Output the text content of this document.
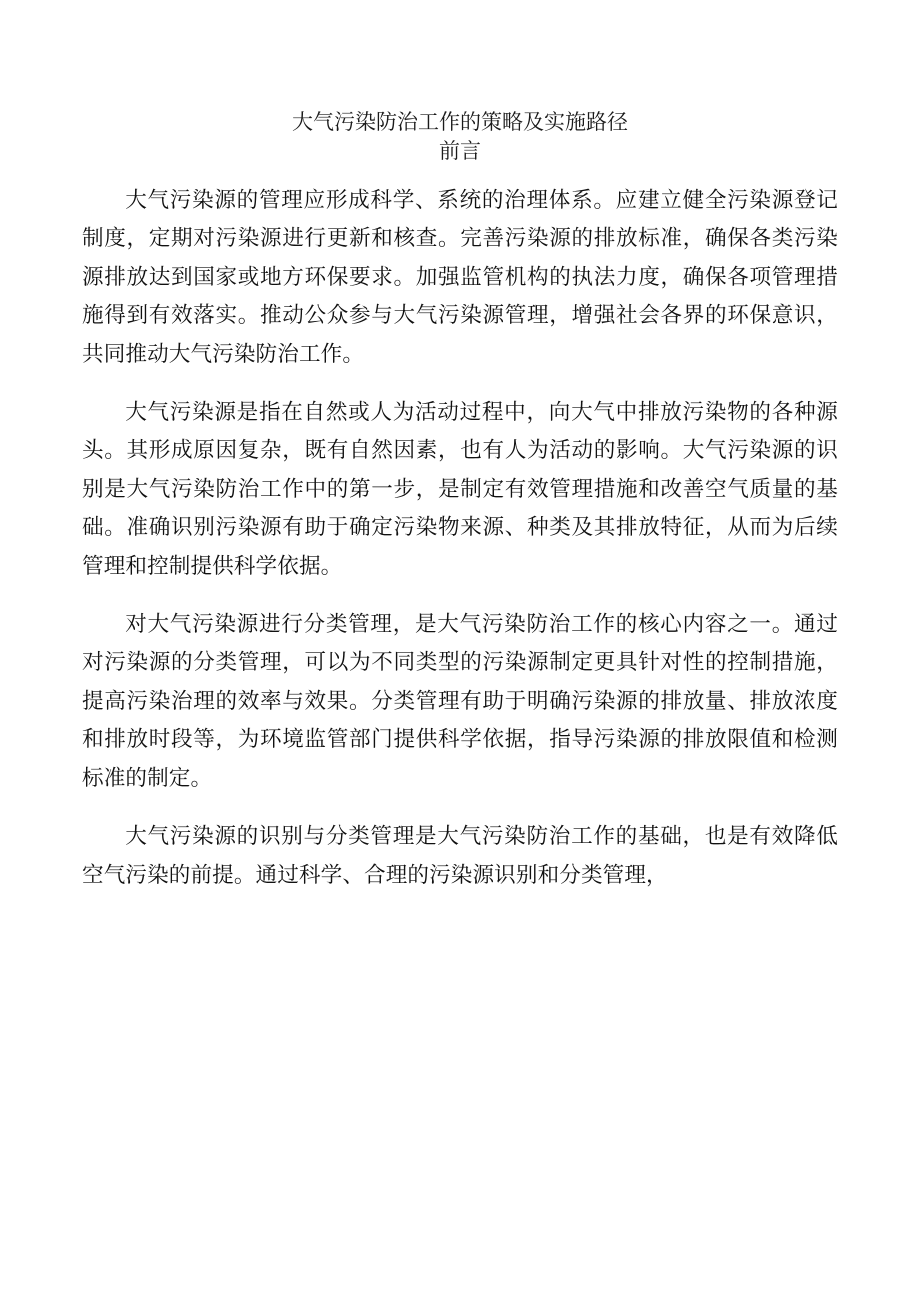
大气污染防治工作的策略及实施路径
前言

大气污染源的管理应形成科学、系统的治理体系。应建立健全污染源登记制度，定期对污染源进行更新和核查。完善污染源的排放标准，确保各类污染源排放达到国家或地方环保要求。加强监管机构的执法力度，确保各项管理措施得到有效落实。推动公众参与大气污染源管理，增强社会各界的环保意识，共同推动大气污染防治工作。

大气污染源是指在自然或人为活动过程中，向大气中排放污染物的各种源头。其形成原因复杂，既有自然因素，也有人为活动的影响。大气污染源的识别是大气污染防治工作中的第一步，是制定有效管理措施和改善空气质量的基础。准确识别污染源有助于确定污染物来源、种类及其排放特征，从而为后续管理和控制提供科学依据。

对大气污染源进行分类管理，是大气污染防治工作的核心内容之一。通过对污染源的分类管理，可以为不同类型的污染源制定更具针对性的控制措施，提高污染治理的效率与效果。分类管理有助于明确污染源的排放量、排放浓度和排放时段等，为环境监管部门提供科学依据，指导污染源的排放限值和检测标准的制定。

大气污染源的识别与分类管理是大气污染防治工作的基础，也是有效降低空气污染的前提。通过科学、合理的污染源识别和分类管理，
